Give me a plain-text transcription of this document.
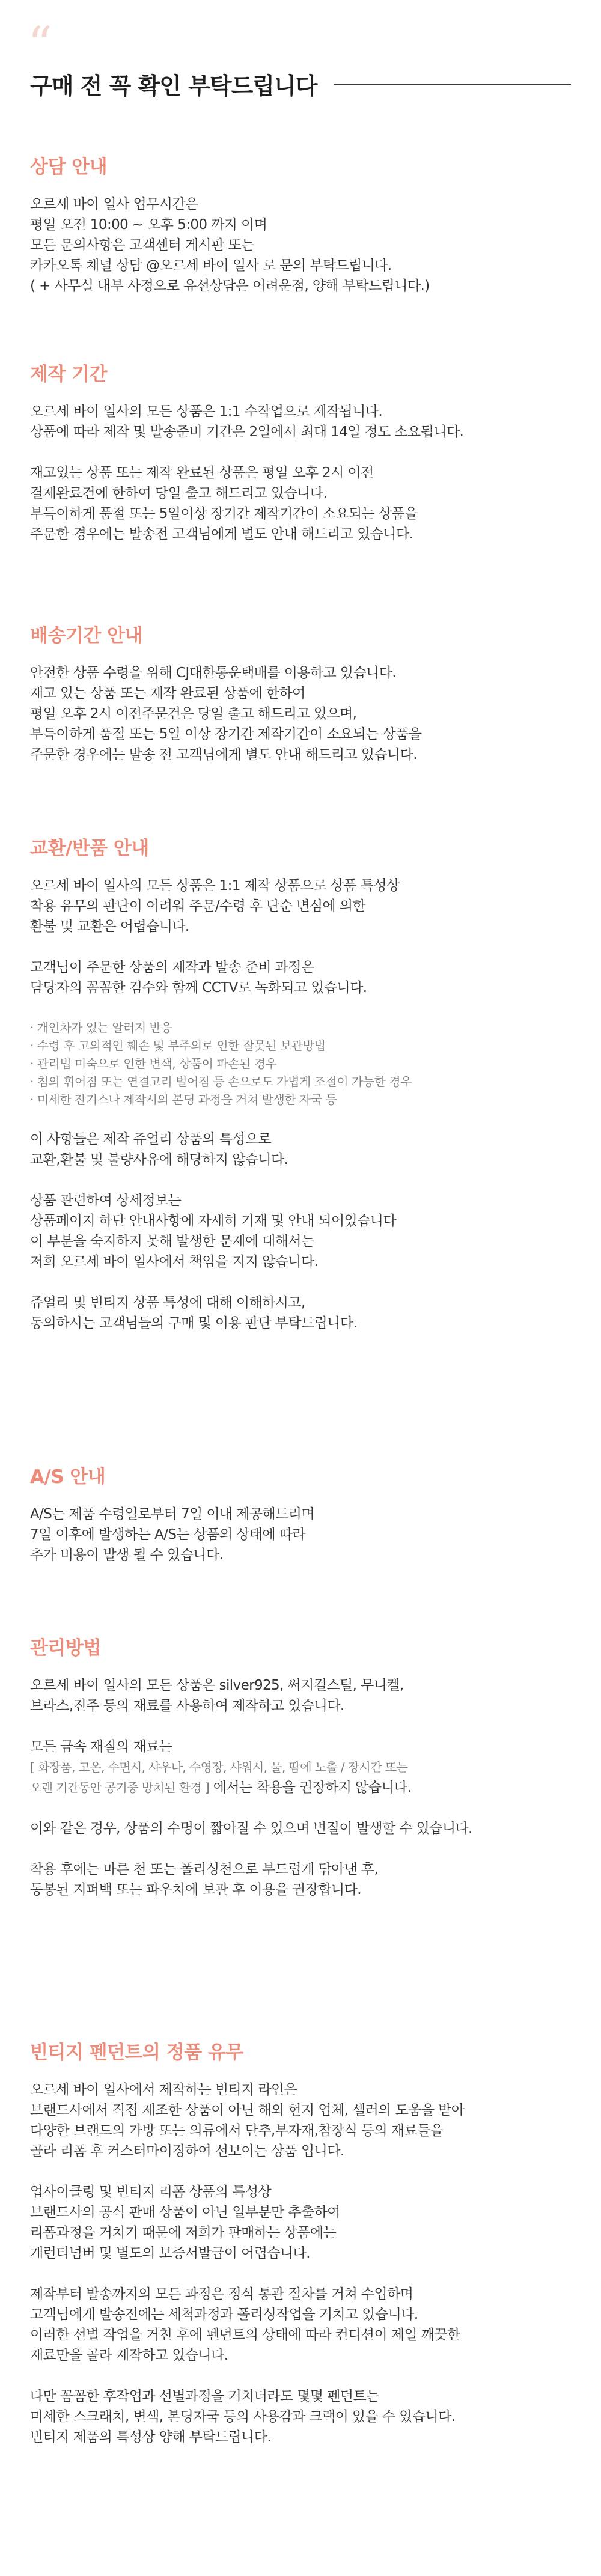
“
구매 전 꼭 확인 부탁드립니다
상담 안내

오르세 바이 일사 업무시간은
평일 오전 10:00 ~ 오후 5:00 까지 이며
모든 문의사항은 고객센터 게시판 또는
카카오톡 채널 상담 @오르세 바이 일사 로 문의 부탁드립니다.
( + 사무실 내부 사정으로 유선상담은 어려운점, 양해 부탁드립니다.)

제작 기간

오르세 바이 일사의 모든 상품은 1:1 수작업으로 제작됩니다.
상품에 따라 제작 및 발송준비 기간은 2일에서 최대 14일 정도 소요됩니다.

재고있는 상품 또는 제작 완료된 상품은 평일 오후 2시 이전
결제완료건에 한하여 당일 출고 해드리고 있습니다.
부득이하게 품절 또는 5일이상 장기간 제작기간이 소요되는 상품을
주문한 경우에는 발송전 고객님에게 별도 안내 해드리고 있습니다.

배송기간 안내

안전한 상품 수령을 위해 CJ대한통운택배를 이용하고 있습니다.
재고 있는 상품 또는 제작 완료된 상품에 한하여
평일 오후 2시 이전주문건은 당일 출고 해드리고 있으며,
부득이하게 품절 또는 5일 이상 장기간 제작기간이 소요되는 상품을
주문한 경우에는 발송 전 고객님에게 별도 안내 해드리고 있습니다.

교환/반품 안내

오르세 바이 일사의 모든 상품은 1:1 제작 상품으로 상품 특성상
착용 유무의 판단이 어려워 주문/수령 후 단순 변심에 의한
환불 및 교환은 어렵습니다.

고객님이 주문한 상품의 제작과 발송 준비 과정은
담당자의 꼼꼼한 검수와 함께 CCTV로 녹화되고 있습니다.

· 개인차가 있는 알러지 반응
· 수령 후 고의적인 훼손 및 부주의로 인한 잘못된 보관방법
· 관리법 미숙으로 인한 변색, 상품이 파손된 경우
· 침의 휘어짐 또는 연결고리 벌어짐 등 손으로도 가볍게 조절이 가능한 경우
· 미세한 잔기스나 제작시의 본딩 과정을 거쳐 발생한 자국 등

이 사항들은 제작 쥬얼리 상품의 특성으로
교환,환불 및 불량사유에 해당하지 않습니다.

상품 관련하여 상세정보는
상품페이지 하단 안내사항에 자세히 기재 및 안내 되어있습니다
이 부분을 숙지하지 못해 발생한 문제에 대해서는
저희 오르세 바이 일사에서 책임을 지지 않습니다.

쥬얼리 및 빈티지 상품 특성에 대해 이해하시고,
동의하시는 고객님들의 구매 및 이용 판단 부탁드립니다.

A/S 안내

A/S는 제품 수령일로부터 7일 이내 제공해드리며
7일 이후에 발생하는 A/S는 상품의 상태에 따라
추가 비용이 발생 될 수 있습니다.

관리방법

오르세 바이 일사의 모든 상품은 silver925, 써지컬스틸, 무니켈,
브라스,진주 등의 재료를 사용하여 제작하고 있습니다.

모든 금속 재질의 재료는
[ 화장품, 고온, 수면시, 샤우나, 수영장, 샤워시, 물, 땀에 노출 / 장시간 또는
오랜 기간동안 공기중 방치된 환경 ] 에서는 착용을 권장하지 않습니다.

이와 같은 경우, 상품의 수명이 짧아질 수 있으며 변질이 발생할 수 있습니다.

착용 후에는 마른 천 또는 폴리싱천으로 부드럽게 닦아낸 후,
동봉된 지퍼백 또는 파우치에 보관 후 이용을 권장합니다.

빈티지 펜던트의 정품 유무

오르세 바이 일사에서 제작하는 빈티지 라인은
브랜드사에서 직접 제조한 상품이 아닌 해외 현지 업체, 셀러의 도움을 받아
다양한 브랜드의 가방 또는 의류에서 단추,부자재,참장식 등의 재료들을
골라 리폼 후 커스터마이징하여 선보이는 상품 입니다.

업사이클링 및 빈티지 리폼 상품의 특성상
브랜드사의 공식 판매 상품이 아닌 일부분만 추출하여
리폼과정을 거치기 때문에 저희가 판매하는 상품에는
개런티넘버 및 별도의 보증서발급이 어렵습니다.

제작부터 발송까지의 모든 과정은 정식 통관 절차를 거쳐 수입하며
고객님에게 발송전에는 세척과정과 폴리싱작업을 거치고 있습니다.
이러한 선별 작업을 거친 후에 펜던트의 상태에 따라 컨디션이 제일 깨끗한
재료만을 골라 제작하고 있습니다.

다만 꼼꼼한 후작업과 선별과정을 거치더라도 몇몇 펜던트는
미세한 스크래치, 변색, 본딩자국 등의 사용감과 크랙이 있을 수 있습니다.
빈티지 제품의 특성상 양해 부탁드립니다.
